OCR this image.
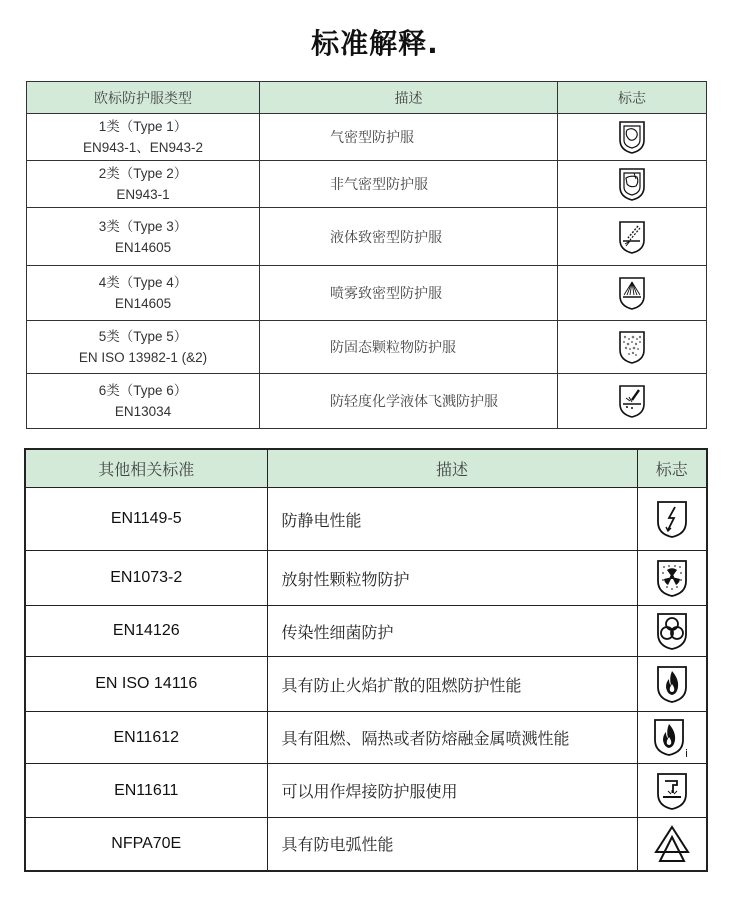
标准解释.
欧标防护服类型	描述	标志
1类（Type 1）
EN943-1、EN943-2	气密型防护服	

2类（Type 2）
EN943-1	非气密型防护服	

3类（Type 3）
EN14605	液体致密型防护服	

4类（Type 4）
EN14605	喷雾致密型防护服	

5类（Type 5）
EN ISO 13982-1 (&2)	防固态颗粒物防护服	

6类（Type 6）
EN13034	防轻度化学液体飞溅防护服	
其他相关标准	描述	标志
EN1149-5	防静电性能	

EN1073-2	放射性颗粒物防护	

EN14126	传染性细菌防护	

EN ISO 14116	具有防止火焰扩散的阻燃防护性能	

EN11612	具有阻燃、隔热或者防熔融金属喷溅性能	i

EN11611	可以用作焊接防护服使用	

NFPA70E	具有防电弧性能	
